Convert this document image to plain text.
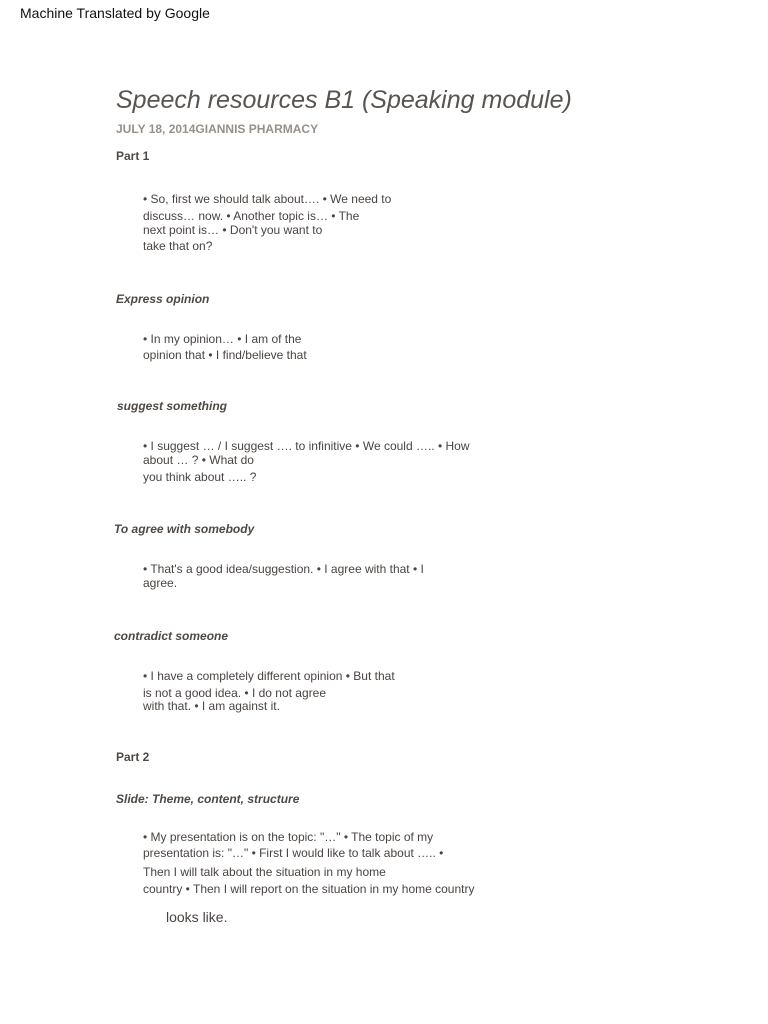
Machine Translated by Google
Speech resources B1 (Speaking module)
JULY 18, 2014GIANNIS PHARMACY
Part 1
• So, first we should talk about…. • We need to
discuss… now. • Another topic is… • The
next point is… • Don't you want to
take that on?
Express opinion
• In my opinion… • I am of the
opinion that • I find/believe that
suggest something
• I suggest … / I suggest …. to infinitive • We could ….. • How
about … ? • What do
you think about ….. ?
To agree with somebody
• That's a good idea/suggestion. • I agree with that • I
agree.
contradict someone
• I have a completely different opinion • But that
is not a good idea. • I do not agree
with that. • I am against it.
Part 2
Slide: Theme, content, structure
• My presentation is on the topic: "…" • The topic of my
presentation is: "…" • First I would like to talk about ….. •
Then I will talk about the situation in my home
country • Then I will report on the situation in my home country
looks like.
